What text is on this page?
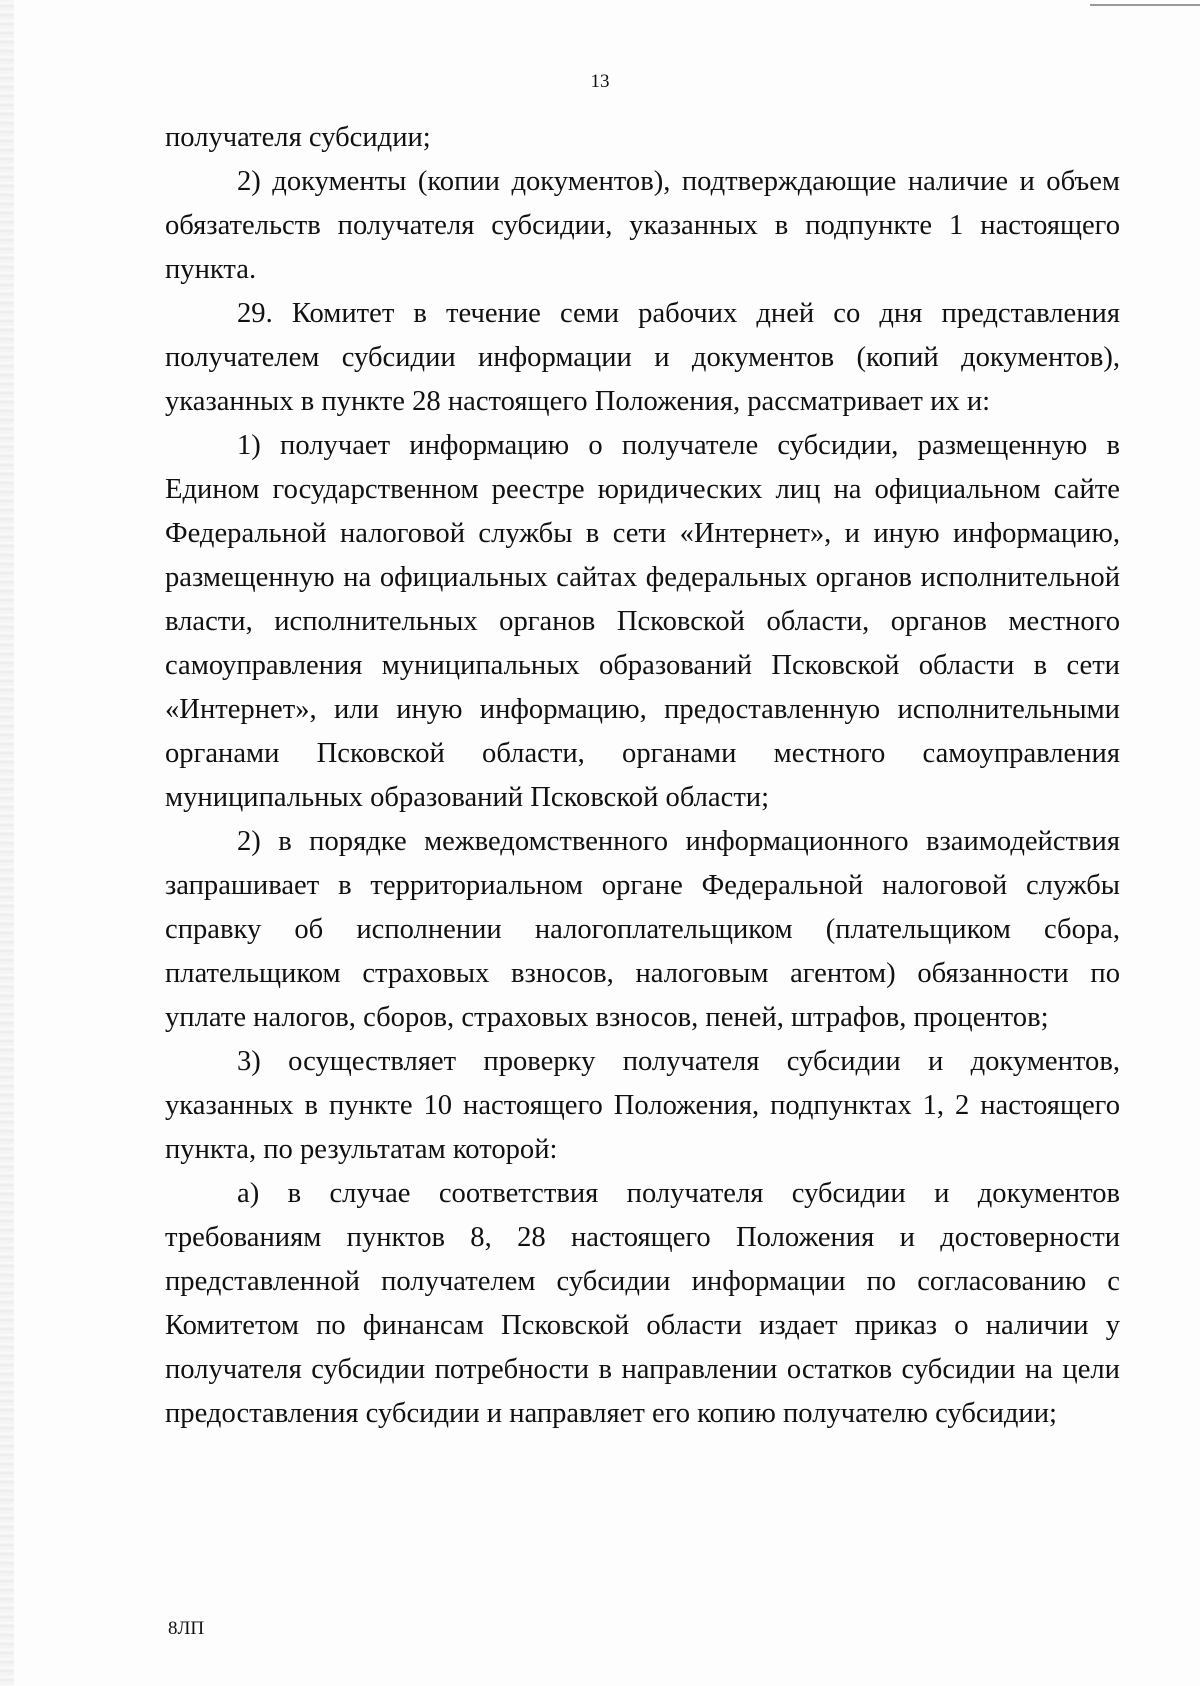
13

получателя субсидии;

2) документы (копии документов), подтверждающие наличие и объем обязательств получателя субсидии, указанных в подпункте 1 настоящего пункта.

29. Комитет в течение семи рабочих дней со дня представления получателем субсидии информации и документов (копий документов), указанных в пункте 28 настоящего Положения, рассматривает их и:

1) получает информацию о получателе субсидии, размещенную в Едином государственном реестре юридических лиц на официальном сайте Федеральной налоговой службы в сети «Интернет», и иную информацию, размещенную на официальных сайтах федеральных органов исполнительной власти, исполнительных органов Псковской области, органов местного самоуправления муниципальных образований Псковской области в сети «Интернет», или иную информацию, предоставленную исполнительными органами Псковской области, органами местного самоуправления муниципальных образований Псковской области;

2) в порядке межведомственного информационного взаимодействия запрашивает в территориальном органе Федеральной налоговой службы справку об исполнении налогоплательщиком (плательщиком сбора, плательщиком страховых взносов, налоговым агентом) обязанности по уплате налогов, сборов, страховых взносов, пеней, штрафов, процентов;

3) осуществляет проверку получателя субсидии и документов, указанных в пункте 10 настоящего Положения, подпунктах 1, 2 настоящего пункта, по результатам которой:

а) в случае соответствия получателя субсидии и документов требованиям пунктов 8, 28 настоящего Положения и достоверности представленной получателем субсидии информации по согласованию с Комитетом по финансам Псковской области издает приказ о наличии у получателя субсидии потребности в направлении остатков субсидии на цели предоставления субсидии и направляет его копию получателю субсидии;

8ЛП
